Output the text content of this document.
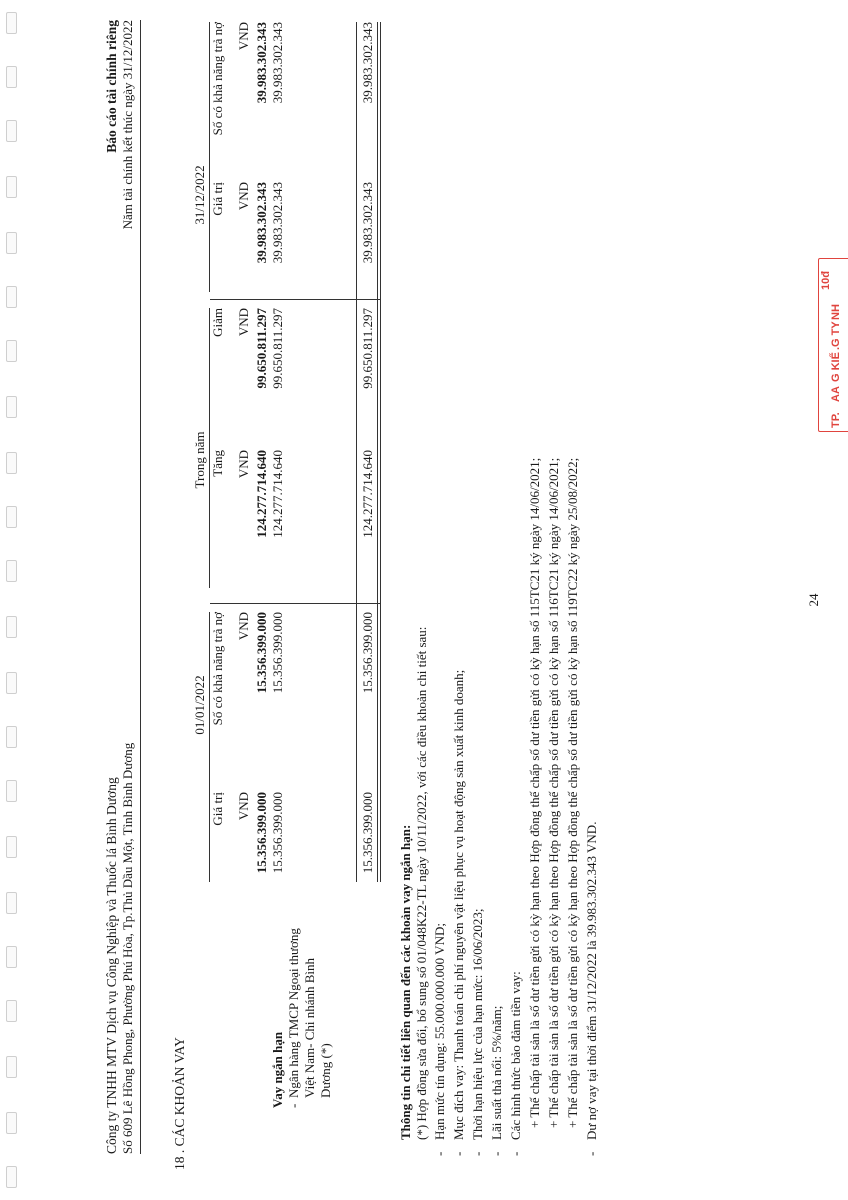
Công ty TNHH MTV Dịch vụ Công Nghiệp và Thuốc lá Bình Dương Số 609 Lê Hồng Phong, Phường Phú Hòa, Tp.Thủ Dầu Một, Tỉnh Bình Dương
Báo cáo tài chính riêng Năm tài chính kết thúc ngày 31/12/2022
18 . CÁC KHOẢN VAY
01/01/2022
Trong năm
31/12/2022
Giá trị
Số có khả năng trả nợ
Tăng
Giảm
Giá trị
Số có khả năng trả nợ
VND
VND
VND
VND
VND
VND
Vay ngắn hạn
15.356.399.000
15.356.399.000
124.277.714.640
99.650.811.297
39.983.302.343
39.983.302.343
-
Ngân hàng TMCP Ngoại thương Việt Nam- Chi nhánh Bình Dương (*)
15.356.399.000
15.356.399.000
124.277.714.640
99.650.811.297
39.983.302.343
39.983.302.343
15.356.399.000
15.356.399.000
124.277.714.640
99.650.811.297
39.983.302.343
39.983.302.343
Thông tin chi tiết liên quan đến các khoản vay ngắn hạn: (*) Hợp đồng sửa đổi, bổ sung số 01/048K22-TL ngày 10/11/2022, với các điều khoản chi tiết sau:
-
Hạn mức tín dụng: 55.000.000.000 VND;
-
Mục đích vay: Thanh toán chi phí nguyên vật liệu phục vụ hoạt động sản xuất kinh doanh;
-
Thời hạn hiệu lực của hạn mức: 16/06/2023;
-
Lãi suất thả nổi: 5%/năm;
-
Các hình thức bảo đảm tiền vay: + Thế chấp tài sản là số dư tiền gửi có kỳ hạn theo Hợp đồng thế chấp số dư tiền gửi có kỳ hạn số 115TC21 ký ngày 14/06/2021; + Thế chấp tài sản là số dư tiền gửi có kỳ hạn theo Hợp đồng thế chấp số dư tiền gửi có kỳ hạn số 116TC21 ký ngày 14/06/2021; + Thế chấp tài sản là số dư tiền gửi có kỳ hạn theo Hợp đồng thế chấp số dư tiền gửi có kỳ hạn số 119TC22 ký ngày 25/08/2022;
-
Dư nợ vay tại thời điểm 31/12/2022 là 39.983.302.343 VND.
24
10đ
NH
.G TY
G KIỂ
AA
TP.
